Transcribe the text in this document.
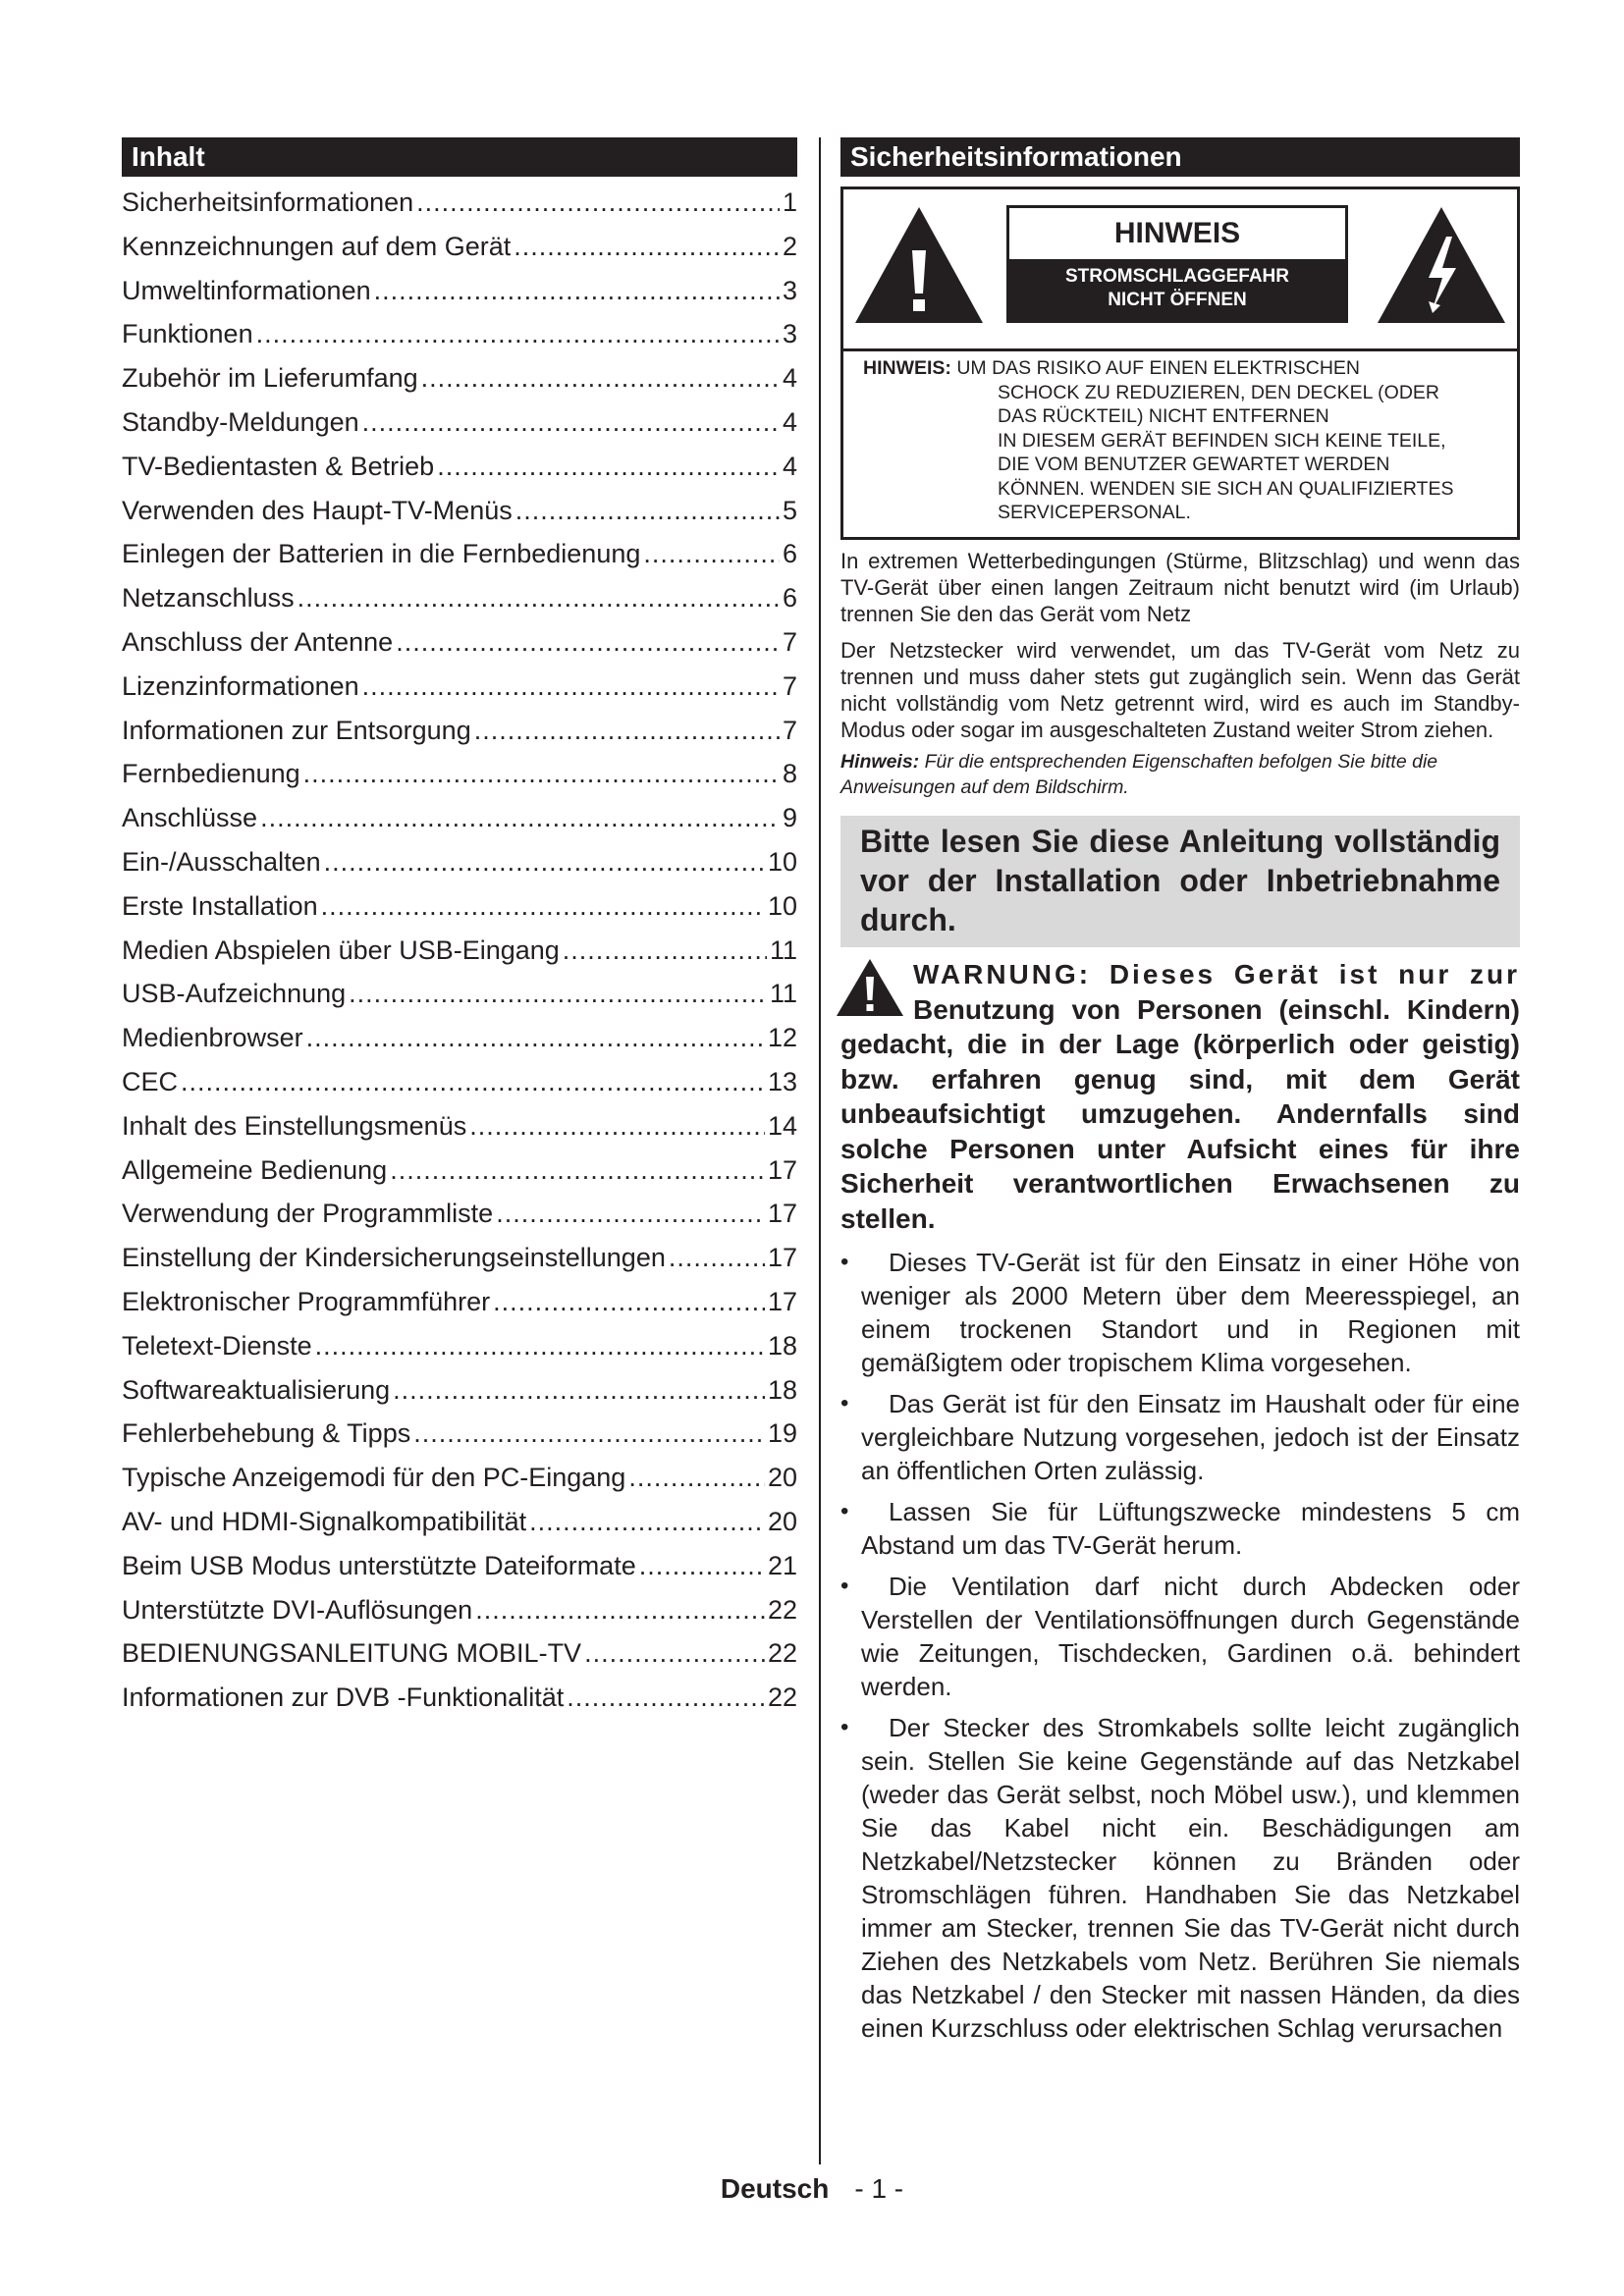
Inhalt
Sicherheitsinformationen .....	1
Kennzeichnungen auf dem Gerät .....	2
Umweltinformationen .....	3
Funktionen .....	3
Zubehör im Lieferumfang .....	4
Standby-Meldungen .....	4
TV-Bedientasten & Betrieb .....	4
Verwenden des Haupt-TV-Menüs .....	5
Einlegen der Batterien in die Fernbedienung .....	6
Netzanschluss .....	6
Anschluss der Antenne .....	7
Lizenzinformationen .....	7
Informationen zur Entsorgung .....	7
Fernbedienung .....	8
Anschlüsse .....	9
Ein-/Ausschalten .....	10
Erste Installation .....	10
Medien Abspielen über USB-Eingang .....	11
USB-Aufzeichnung .....	11
Medienbrowser .....	12
CEC .....	13
Inhalt des Einstellungsmenüs .....	14
Allgemeine Bedienung .....	17
Verwendung der Programmliste .....	17
Einstellung der Kindersicherungseinstellungen .....	17
Elektronischer Programmführer .....	17
Teletext-Dienste .....	18
Softwareaktualisierung .....	18
Fehlerbehebung & Tipps .....	19
Typische Anzeigemodi für den PC-Eingang .....	20
AV- und HDMI-Signalkompatibilität .....	20
Beim USB Modus unterstützte Dateiformate .....	21
Unterstützte DVI-Auflösungen .....	22
BEDIENUNGSANLEITUNG MOBIL-TV .....	22
Informationen zur DVB -Funktionalität .....	22
Sicherheitsinformationen
HINWEIS
STROMSCHLAGGEFAHR
NICHT ÖFFNEN
HINWEIS: UM DAS RISIKO AUF EINEN ELEKTRISCHEN
SCHOCK ZU REDUZIEREN, DEN DECKEL (ODER
DAS RÜCKTEIL) NICHT ENTFERNEN
IN DIESEM GERÄT BEFINDEN SICH KEINE TEILE,
DIE VOM BENUTZER GEWARTET WERDEN
KÖNNEN. WENDEN SIE SICH AN QUALIFIZIERTES
SERVICEPERSONAL.

In extremen Wetterbedingungen (Stürme, Blitzschlag) und wenn das TV-Gerät über einen langen Zeitraum nicht benutzt wird (im Urlaub) trennen Sie den das Gerät vom Netz

Der Netzstecker wird verwendet, um das TV-Gerät vom Netz zu trennen und muss daher stets gut zugänglich sein. Wenn das Gerät nicht vollständig vom Netz getrennt wird, wird es auch im Standby-Modus oder sogar im ausgeschalteten Zustand weiter Strom ziehen.

Hinweis: Für die entsprechenden Eigenschaften befolgen Sie bitte die Anweisungen auf dem Bildschirm.
Bitte lesen Sie diese Anleitung vollständig vor der Installation oder Inbetriebnahme durch.
WARNUNG: Dieses Gerät ist nur zur Benutzung von Personen (einschl. Kindern) gedacht, die in der Lage (körperlich oder geistig) bzw. erfahren genug sind, mit dem Gerät unbeaufsichtigt umzugehen. Andernfalls sind solche Personen unter Aufsicht eines für ihre Sicherheit verantwortlichen Erwachsenen zu stellen.
• Dieses TV-Gerät ist für den Einsatz in einer Höhe von weniger als 2000 Metern über dem Meeresspiegel, an einem trockenen Standort und in Regionen mit gemäßigtem oder tropischem Klima vorgesehen.
• Das Gerät ist für den Einsatz im Haushalt oder für eine vergleichbare Nutzung vorgesehen, jedoch ist der Einsatz an öffentlichen Orten zulässig.
• Lassen Sie für Lüftungszwecke mindestens 5 cm Abstand um das TV-Gerät herum.
• Die Ventilation darf nicht durch Abdecken oder Verstellen der Ventilationsöffnungen durch Gegenstände wie Zeitungen, Tischdecken, Gardinen o.ä. behindert werden.
• Der Stecker des Stromkabels sollte leicht zugänglich sein. Stellen Sie keine Gegenstände auf das Netzkabel (weder das Gerät selbst, noch Möbel usw.), und klemmen Sie das Kabel nicht ein. Beschädigungen am Netzkabel/Netzstecker können zu Bränden oder Stromschlägen führen. Handhaben Sie das Netzkabel immer am Stecker, trennen Sie das TV-Gerät nicht durch Ziehen des Netzkabels vom Netz. Berühren Sie niemals das Netzkabel / den Stecker mit nassen Händen, da dies einen Kurzschluss oder elektrischen Schlag verursachen
Deutsch - 1 -
